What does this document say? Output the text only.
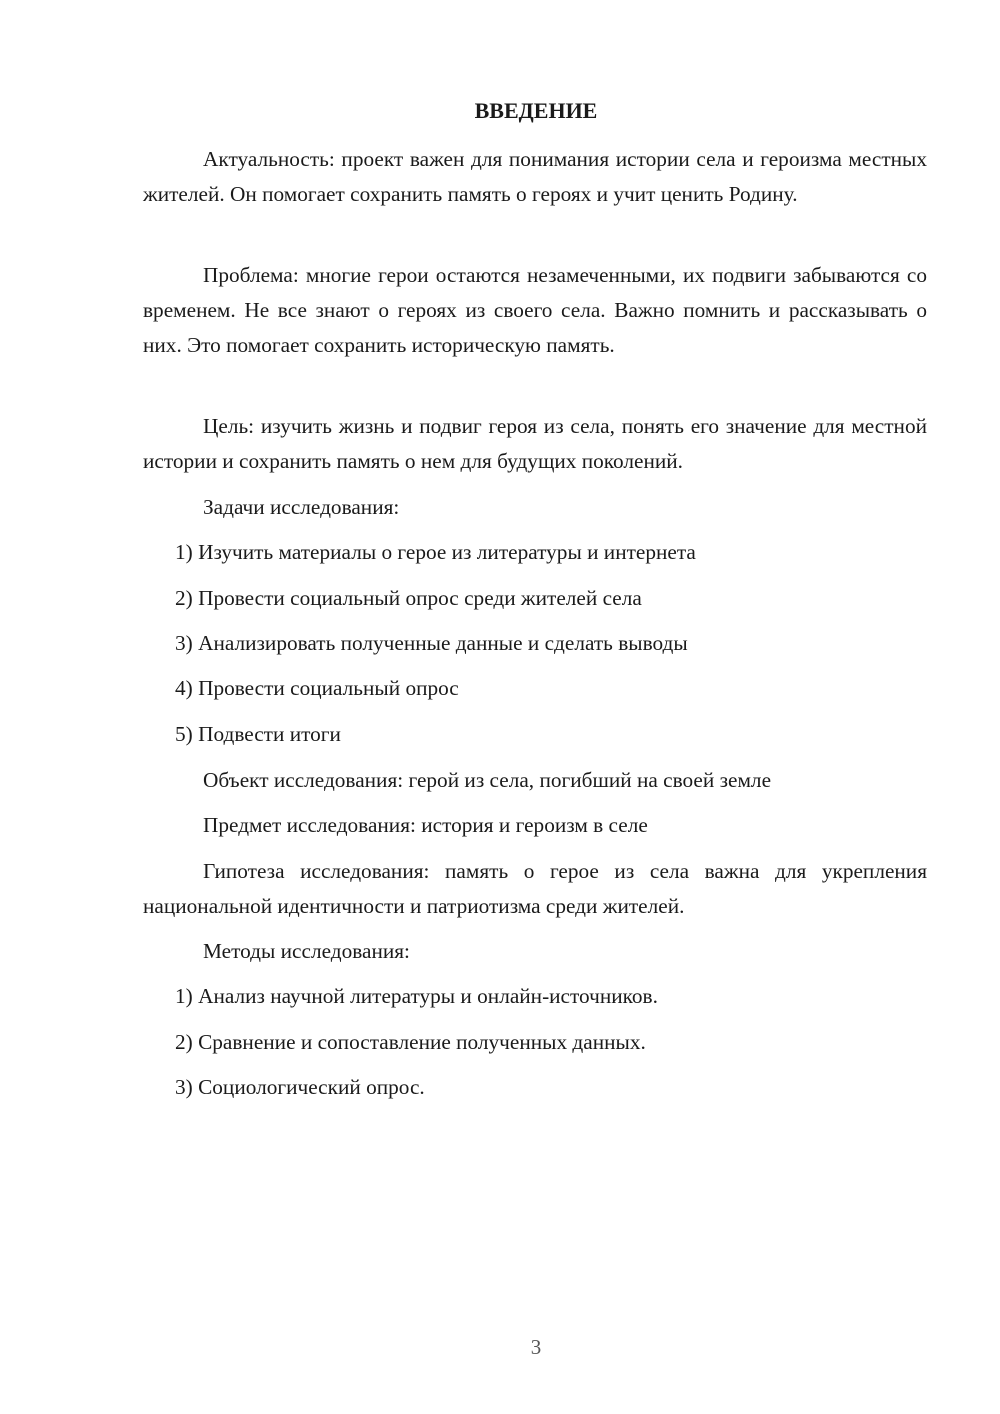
ВВЕДЕНИЕ

Актуальность: проект важен для понимания истории села и героизма местных жителей. Он помогает сохранить память о героях и учит ценить Родину.

Проблема: многие герои остаются незамеченными, их подвиги забываются со временем. Не все знают о героях из своего села. Важно помнить и рассказывать о них. Это помогает сохранить историческую память.

Цель: изучить жизнь и подвиг героя из села, понять его значение для местной истории и сохранить память о нем для будущих поколений.

Задачи исследования:

1) Изучить материалы о герое из литературы и интернета

2) Провести социальный опрос среди жителей села

3) Анализировать полученные данные и сделать выводы

4) Провести социальный опрос

5) Подвести итоги

Объект исследования: герой из села, погибший на своей земле

Предмет исследования: история и героизм в селе

Гипотеза исследования: память о герое из села важна для укрепления национальной идентичности и патриотизма среди жителей.

Методы исследования:

1) Анализ научной литературы и онлайн-источников.

2) Сравнение и сопоставление полученных данных.

3) Социологический опрос.

3
